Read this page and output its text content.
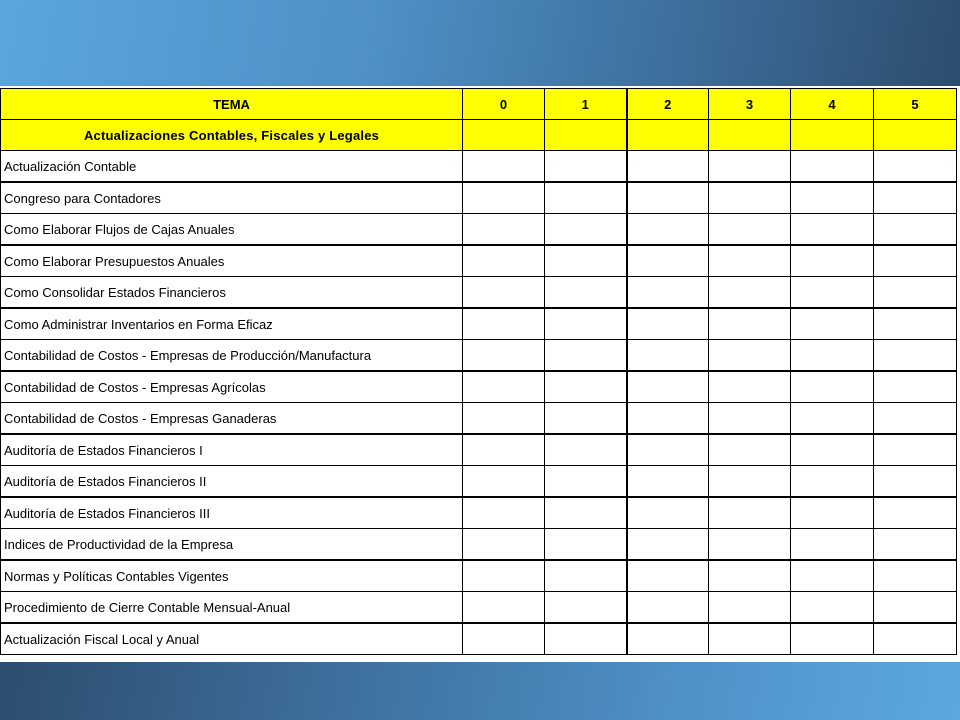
TEMA	0	1	2	3	4	5
Actualizaciones Contables, Fiscales y Legales						
Actualización Contable						
Congreso para Contadores						
Como Elaborar Flujos de Cajas Anuales						
Como Elaborar Presupuestos Anuales						
Como Consolidar Estados Financieros						
Como Administrar Inventarios en Forma Eficaz						
Contabilidad de Costos - Empresas de Producción/Manufactura						
Contabilidad de Costos - Empresas Agrícolas						
Contabilidad de Costos - Empresas Ganaderas						
Auditoría de Estados Financieros I						
Auditoría de Estados Financieros II						
Auditoría de Estados Financieros III						
Indices de Productividad de la Empresa						
Normas y Políticas Contables Vigentes						
Procedimiento de Cierre Contable Mensual-Anual						
Actualización Fiscal Local y Anual						
